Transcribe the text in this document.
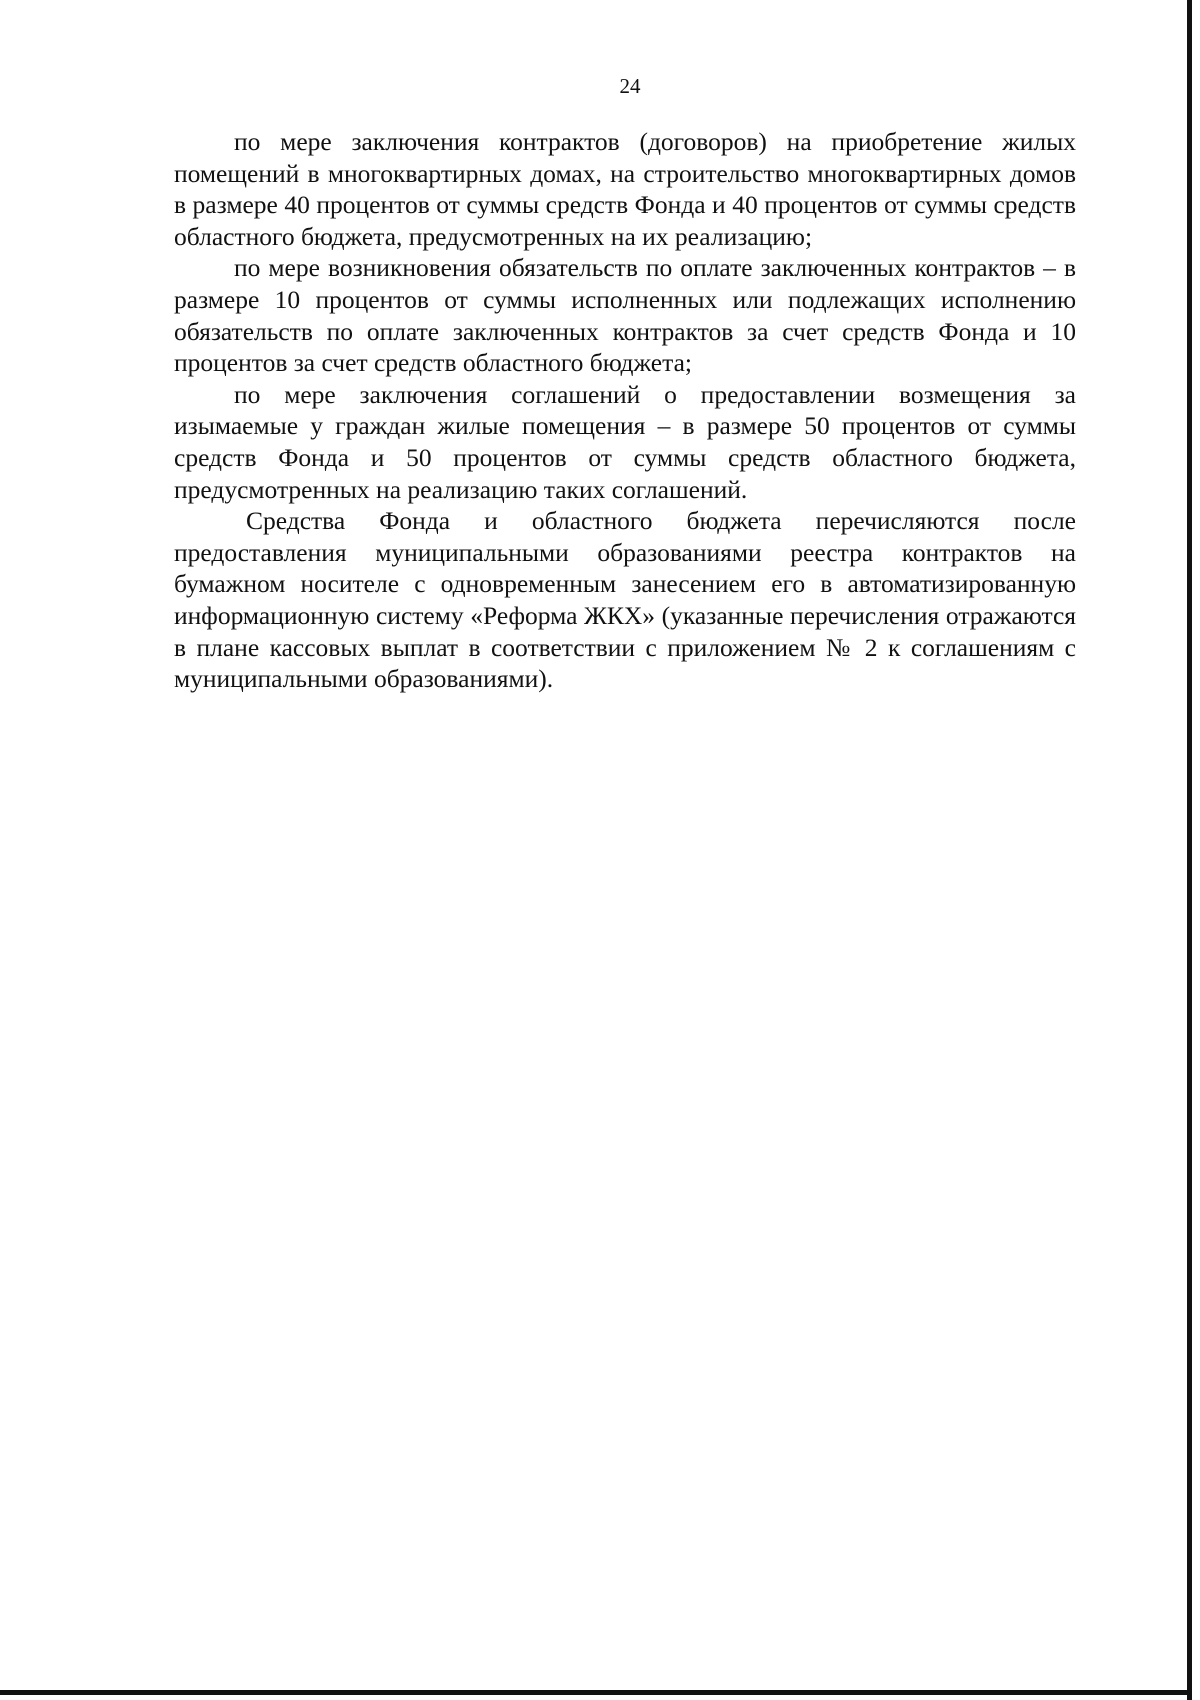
24

по мере заключения контрактов (договоров) на приобретение жилых помещений в многоквартирных домах, на строительство многоквартирных домов в размере 40 процентов от суммы средств Фонда и 40 процентов от суммы средств областного бюджета, предусмотренных на их реализацию;

по мере возникновения обязательств по оплате заключенных контрактов – в размере 10 процентов от суммы исполненных или подлежащих исполнению обязательств по оплате заключенных контрактов за счет средств Фонда и 10 процентов за счет средств областного бюджета;

по мере заключения соглашений о предоставлении возмещения за изымаемые у граждан жилые помещения – в размере 50 процентов от суммы средств Фонда и 50 процентов от суммы средств областного бюджета, предусмотренных на реализацию таких соглашений.

Средства Фонда и областного бюджета перечисляются после предоставления муниципальными образованиями реестра контрактов на бумажном носителе с одновременным занесением его в автоматизированную информационную систему «Реформа ЖКХ» (указанные перечисления отражаются в плане кассовых выплат в соответствии с приложением № 2 к соглашениям с муниципальными образованиями).
